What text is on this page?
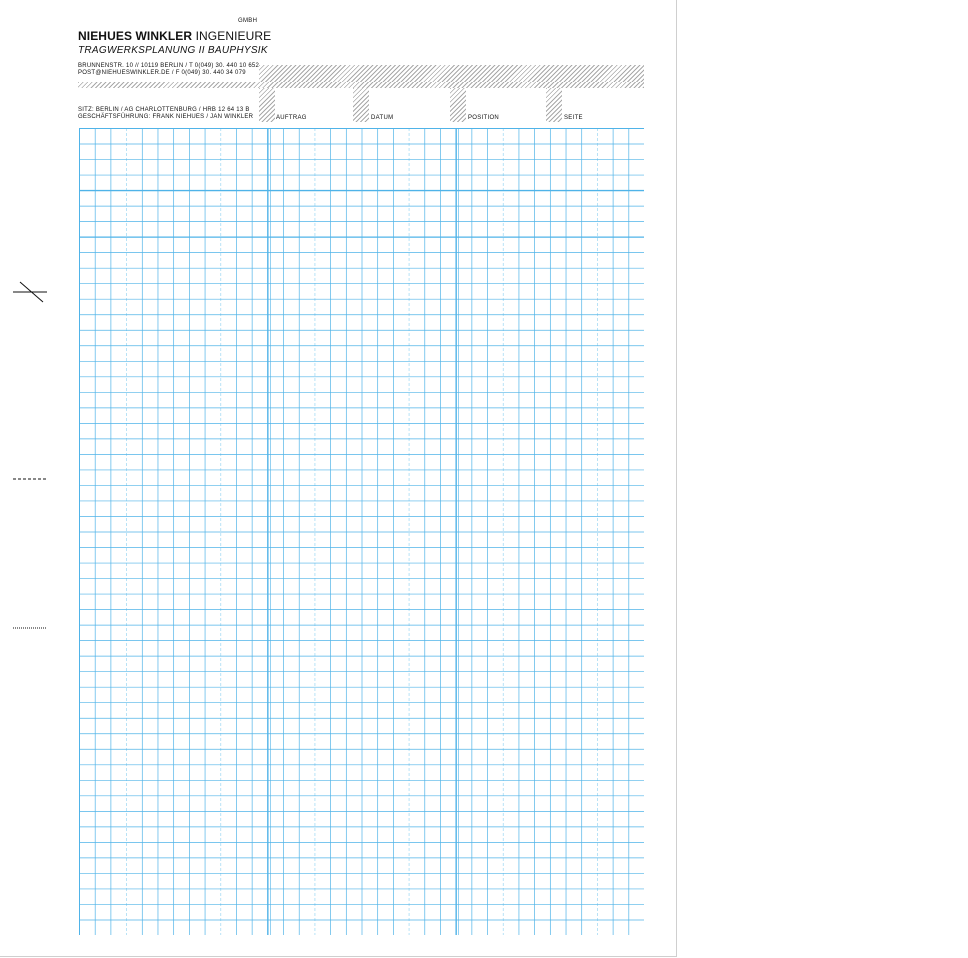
GMBH
NIEHUES WINKLER INGENIEURE
TRAGWERKSPLANUNG II BAUPHYSIK
BRUNNENSTR. 10 // 10119 BERLIN / T 0(049) 30. 440 10 652
POST@NIEHUESWINKLER.DE / F 0(049) 30. 440 34 079
SITZ: BERLIN / AG CHARLOTTENBURG / HRB 12 64 13 B
GESCHÄFTSFÜHRUNG: FRANK NIEHUES / JAN WINKLER	AUFTRAG	DATUM	POSITION	SEITE
